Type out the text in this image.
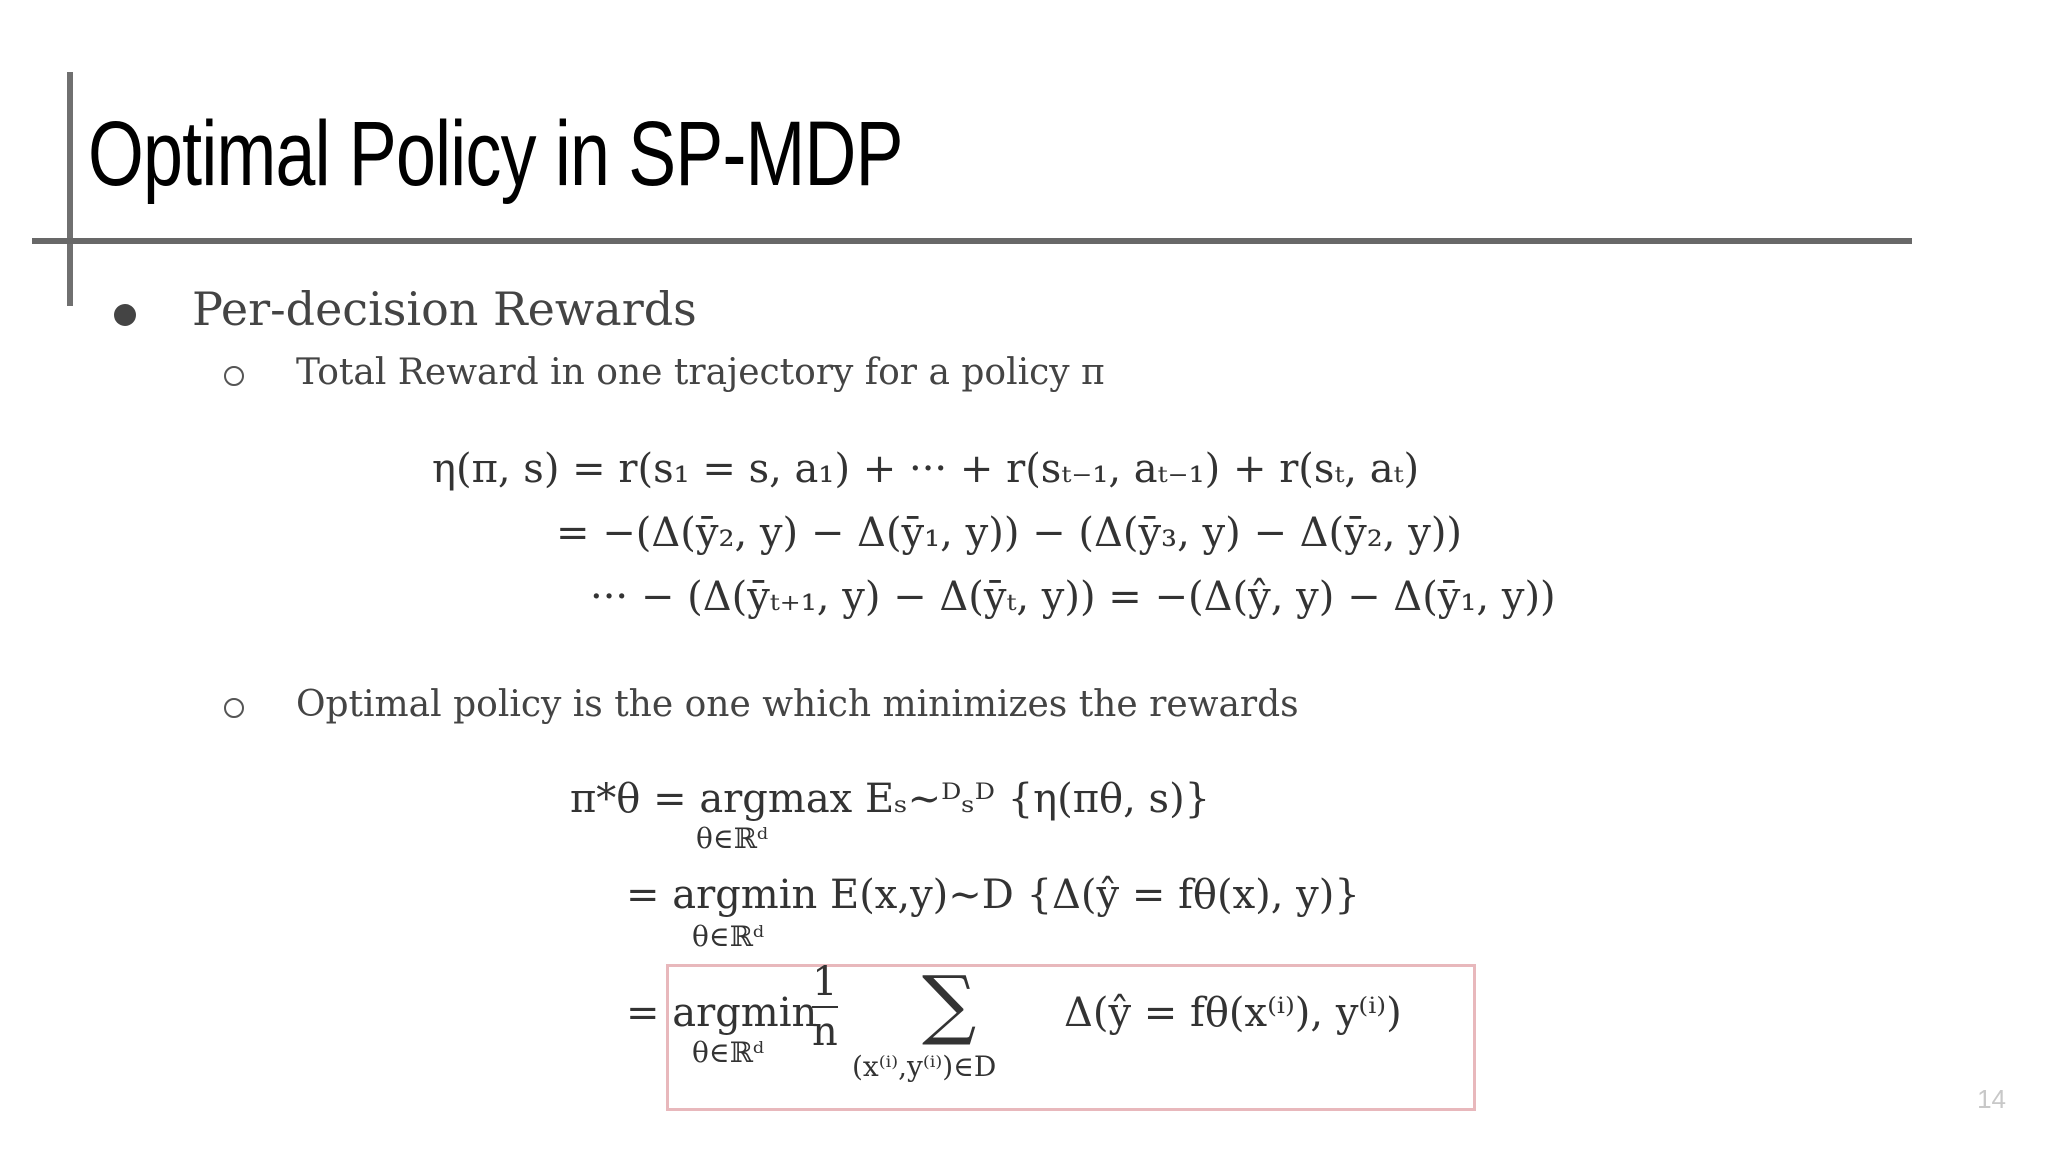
Optimal Policy in SP-MDP
Per-decision Rewards
Total Reward in one trajectory for a policy π
η(π, s) = r(s₁ = s, a₁) + ··· + r(sₜ₋₁, aₜ₋₁) + r(sₜ, aₜ)
= −(Δ(ȳ₂, y) − Δ(ȳ₁, y)) − (Δ(ȳ₃, y) − Δ(ȳ₂, y))
··· − (Δ(ȳₜ₊₁, y) − Δ(ȳₜ, y)) = −(Δ(ŷ, y) − Δ(ȳ₁, y))
Optimal policy is the one which minimizes the rewards
π*θ = argmax Eₛ~ᴰₛᴰ {η(πθ, s)}
θ∈ℝᵈ
= argmin E(x,y)~D {Δ(ŷ = fθ(x), y)}
θ∈ℝᵈ
= argmin
θ∈ℝᵈ $\frac{1}{n}$ ∑
(x⁽ⁱ⁾,y⁽ⁱ⁾)∈D
Δ(ŷ = fθ(x⁽ⁱ⁾), y⁽ⁱ⁾)
14
